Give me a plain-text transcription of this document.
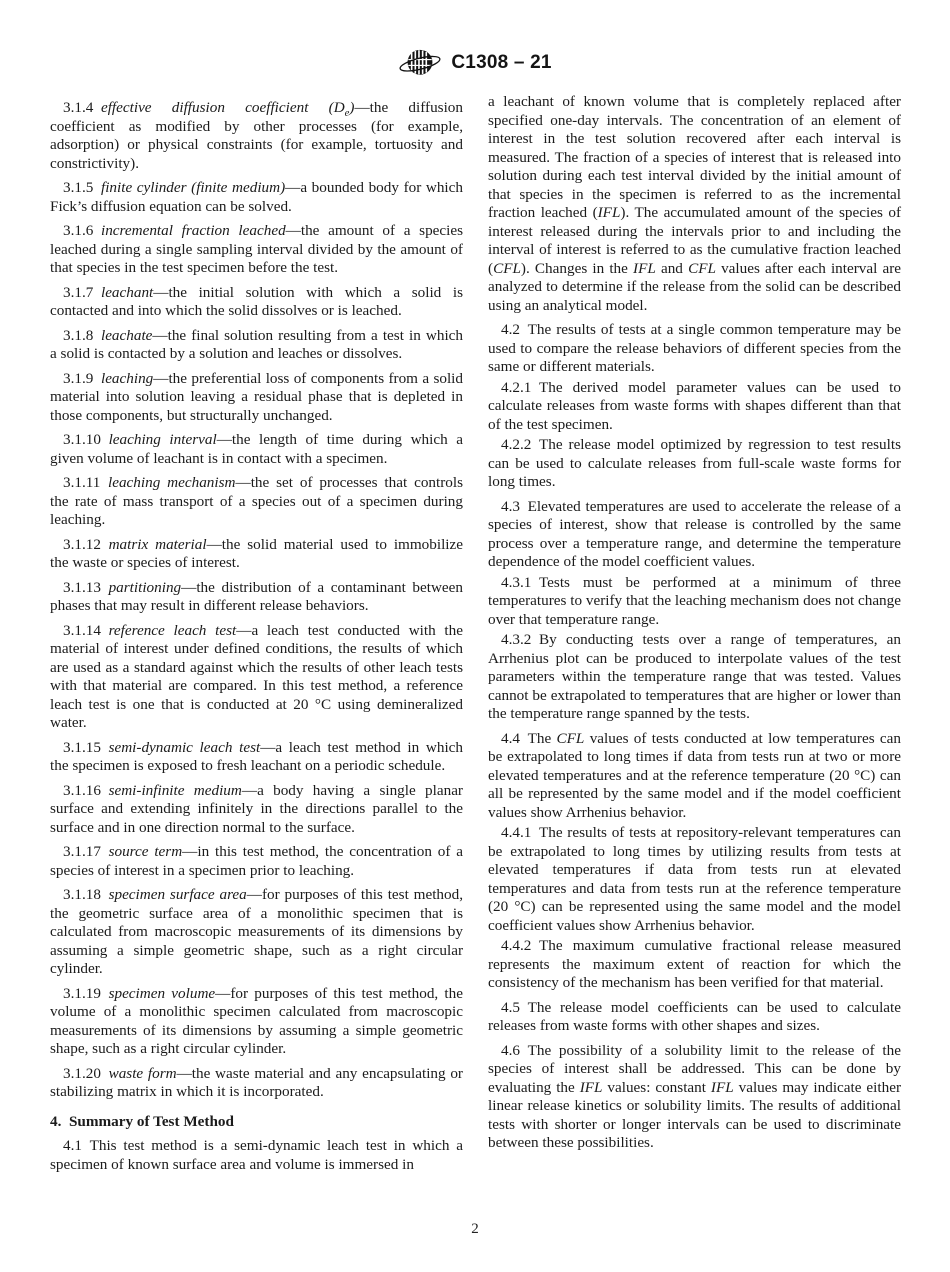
C1308 – 21

3.1.4 effective diffusion coefficient $(D_e)—the$ diffusion coefficient as modified by other processes (for example, adsorption) or physical constraints (for example, tortuosity and constrictivity).

3.1.5 finite cylinder (finite medium)—a bounded body for which Fick’s diffusion equation can be solved.

3.1.6 incremental fraction leached—the amount of a species leached during a single sampling interval divided by the amount of that species in the test specimen before the test.

3.1.7 leachant—the initial solution with which a solid is contacted and into which the solid dissolves or is leached.

3.1.8 leachate—the final solution resulting from a test in which a solid is contacted by a solution and leaches or dissolves.

3.1.9 leaching—the preferential loss of components from a solid material into solution leaving a residual phase that is depleted in those components, but structurally unchanged.

3.1.10 leaching interval—the length of time during which a given volume of leachant is in contact with a specimen.

3.1.11 leaching mechanism—the set of processes that controls the rate of mass transport of a species out of a specimen during leaching.

3.1.12 matrix material—the solid material used to immobilize the waste or species of interest.

3.1.13 partitioning—the distribution of a contaminant between phases that may result in different release behaviors.

3.1.14 reference leach test—a leach test conducted with the material of interest under defined conditions, the results of which are used as a standard against which the results of other leach tests with that material are compared. In this test method, a reference leach test is one that is conducted at 20 °C using demineralized water.

3.1.15 semi-dynamic leach test—a leach test method in which the specimen is exposed to fresh leachant on a periodic schedule.

3.1.16 semi-infinite medium—a body having a single planar surface and extending infinitely in the directions parallel to the surface and in one direction normal to the surface.

3.1.17 source term—in this test method, the concentration of a species of interest in a specimen prior to leaching.

3.1.18 specimen surface area—for purposes of this test method, the geometric surface area of a monolithic specimen that is calculated from macroscopic measurements of its dimensions by assuming a simple geometric shape, such as a right circular cylinder.

3.1.19 specimen volume—for purposes of this test method, the volume of a monolithic specimen calculated from macroscopic measurements of its dimensions by assuming a simple geometric shape, such as a right circular cylinder.

3.1.20 waste form—the waste material and any encapsulating or stabilizing matrix in which it is incorporated.

4. Summary of Test Method

4.1 This test method is a semi-dynamic leach test in which a specimen of known surface area and volume is immersed in

a leachant of known volume that is completely replaced after specified one-day intervals. The concentration of an element of interest in the test solution recovered after each interval is measured. The fraction of a species of interest that is released into solution during each test interval divided by the initial amount of that species in the specimen is referred to as the incremental fraction leached (IFL). The accumulated amount of the species of interest released during the intervals prior to and including the interval of interest is referred to as the cumulative fraction leached (CFL). Changes in the IFL and CFL values after each interval are analyzed to determine if the release from the solid can be described using an analytical model.

4.2 The results of tests at a single common temperature may be used to compare the release behaviors of different species from the same or different materials.

4.2.1 The derived model parameter values can be used to calculate releases from waste forms with shapes different than that of the test specimen.

4.2.2 The release model optimized by regression to test results can be used to calculate releases from full-scale waste forms for long times.

4.3 Elevated temperatures are used to accelerate the release of a species of interest, show that release is controlled by the same process over a temperature range, and determine the temperature dependence of the model coefficient values.

4.3.1 Tests must be performed at a minimum of three temperatures to verify that the leaching mechanism does not change over that temperature range.

4.3.2 By conducting tests over a range of temperatures, an Arrhenius plot can be produced to interpolate values of the test parameters within the temperature range that was tested. Values cannot be extrapolated to temperatures that are higher or lower than the temperature range spanned by the tests.

4.4 The CFL values of tests conducted at low temperatures can be extrapolated to long times if data from tests run at two or more elevated temperatures and at the reference temperature (20 °C) can all be represented by the same model and if the model coefficient values show Arrhenius behavior.

4.4.1 The results of tests at repository-relevant temperatures can be extrapolated to long times by utilizing results from tests at elevated temperatures if data from tests run at elevated temperatures and data from tests run at the reference temperature (20 °C) can be represented using the same model and the model coefficient values show Arrhenius behavior.

4.4.2 The maximum cumulative fractional release measured represents the maximum extent of reaction for which the consistency of the mechanism has been verified for that material.

4.5 The release model coefficients can be used to calculate releases from waste forms with other shapes and sizes.

4.6 The possibility of a solubility limit to the release of the species of interest shall be addressed. This can be done by evaluating the IFL values: constant IFL values may indicate either linear release kinetics or solubility limits. The results of additional tests with shorter or longer intervals can be used to discriminate between these possibilities.

2
